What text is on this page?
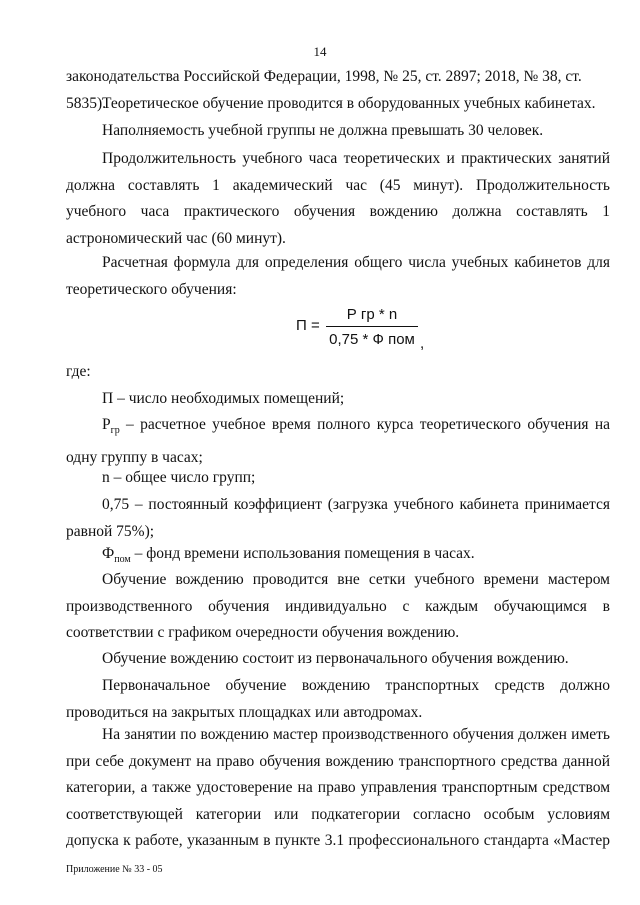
14

законодательства Российской Федерации, 1998, № 25, ст. 2897; 2018, № 38, ст. 5835).

Теоретическое обучение проводится в оборудованных учебных кабинетах.

Наполняемость учебной группы не должна превышать 30 человек.

Продолжительность учебного часа теоретических и практических занятий должна составлять 1 академический час (45 минут). Продолжительность учебного часа практического обучения вождению должна составлять 1 астрономический час (60 минут).

Расчетная формула для определения общего числа учебных кабинетов для теоретического обучения:

П =
Р гр * n
0,75 * Ф пом ,

где:

П – число необходимых помещений;

$Р_{гр}$ – расчетное учебное время полного курса теоретического обучения на одну группу в часах;

n – общее число групп;

0,75 – постоянный коэффициент (загрузка учебного кабинета принимается равной 75%);

$Ф_{пом}$ – фонд времени использования помещения в часах.

Обучение вождению проводится вне сетки учебного времени мастером производственного обучения индивидуально с каждым обучающимся в соответствии с графиком очередности обучения вождению.

Обучение вождению состоит из первоначального обучения вождению.

Первоначальное обучение вождению транспортных средств должно проводиться на закрытых площадках или автодромах.

На занятии по вождению мастер производственного обучения должен иметь при себе документ на право обучения вождению транспортного средства данной категории, а также удостоверение на право управления транспортным средством соответствующей категории или подкатегории согласно особым условиям допуска к работе, указанным в пункте 3.1 профессионального стандарта «Мастер

Приложение № 33 - 05
